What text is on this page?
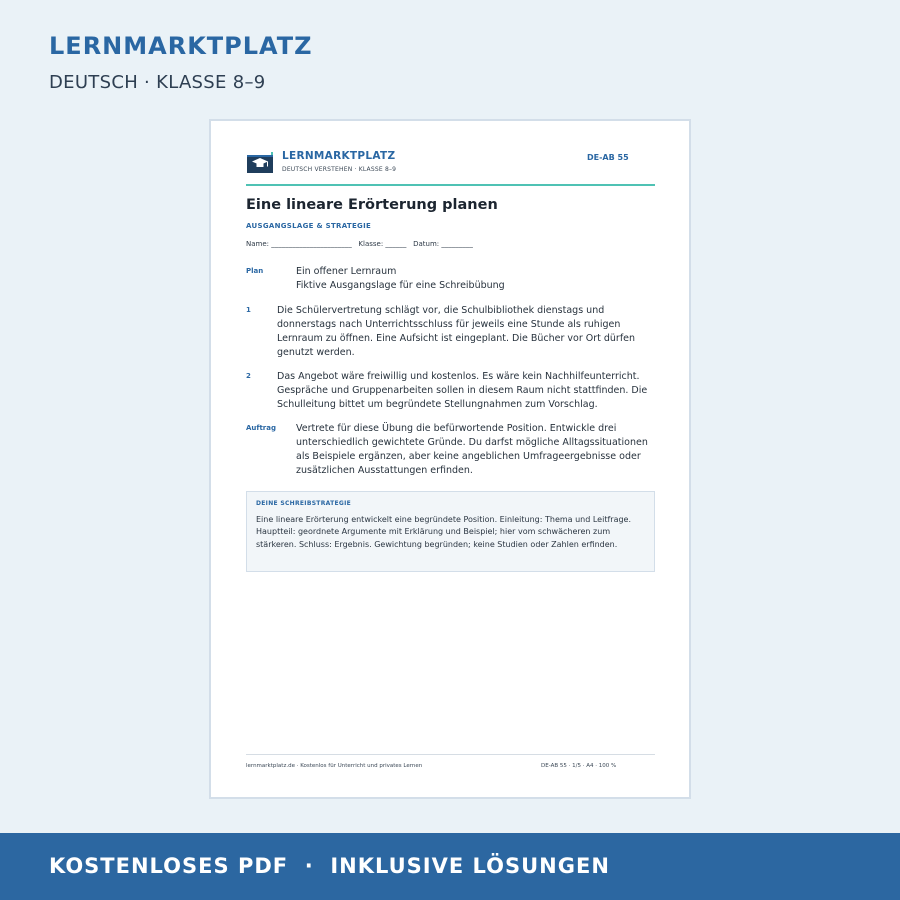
LERNMARKTPLATZ
DEUTSCH · KLASSE 8–9
LERNMARKTPLATZ
DEUTSCH VERSTEHEN · KLASSE 8–9
DE-AB 55
Eine lineare Erörterung planen
AUSGANGSLAGE & STRATEGIE
Name: _______________________   Klasse: ______   Datum: _________
Plan	Ein offener Lernraum
Fiktive Ausgangslage für eine Schreibübung
1	Die Schülervertretung schlägt vor, die Schulbibliothek dienstags und donnerstags nach Unterrichtsschluss für jeweils eine Stunde als ruhigen Lernraum zu öffnen. Eine Aufsicht ist eingeplant. Die Bücher vor Ort dürfen genutzt werden.
2	Das Angebot wäre freiwillig und kostenlos. Es wäre kein Nachhilfeunterricht. Gespräche und Gruppenarbeiten sollen in diesem Raum nicht stattfinden. Die Schulleitung bittet um begründete Stellungnahmen zum Vorschlag.
Auftrag Vertrete für diese Übung die befürwortende Position. Entwickle drei unterschiedlich gewichtete Gründe. Du darfst mögliche Alltagssituationen als Beispiele ergänzen, aber keine angeblichen Umfrageergebnisse oder zusätzlichen Ausstattungen erfinden.
DEINE SCHREIBSTRATEGIE
Eine lineare Erörterung entwickelt eine begründete Position. Einleitung: Thema und Leitfrage. Hauptteil: geordnete Argumente mit Erklärung und Beispiel; hier vom schwächeren zum stärkeren. Schluss: Ergebnis. Gewichtung begründen; keine Studien oder Zahlen erfinden.
lernmarktplatz.de · Kostenlos für Unterricht und privates Lernen	DE-AB 55 · 1/5 · A4 · 100 %
KOSTENLOSES PDF  ·  INKLUSIVE LÖSUNGEN
